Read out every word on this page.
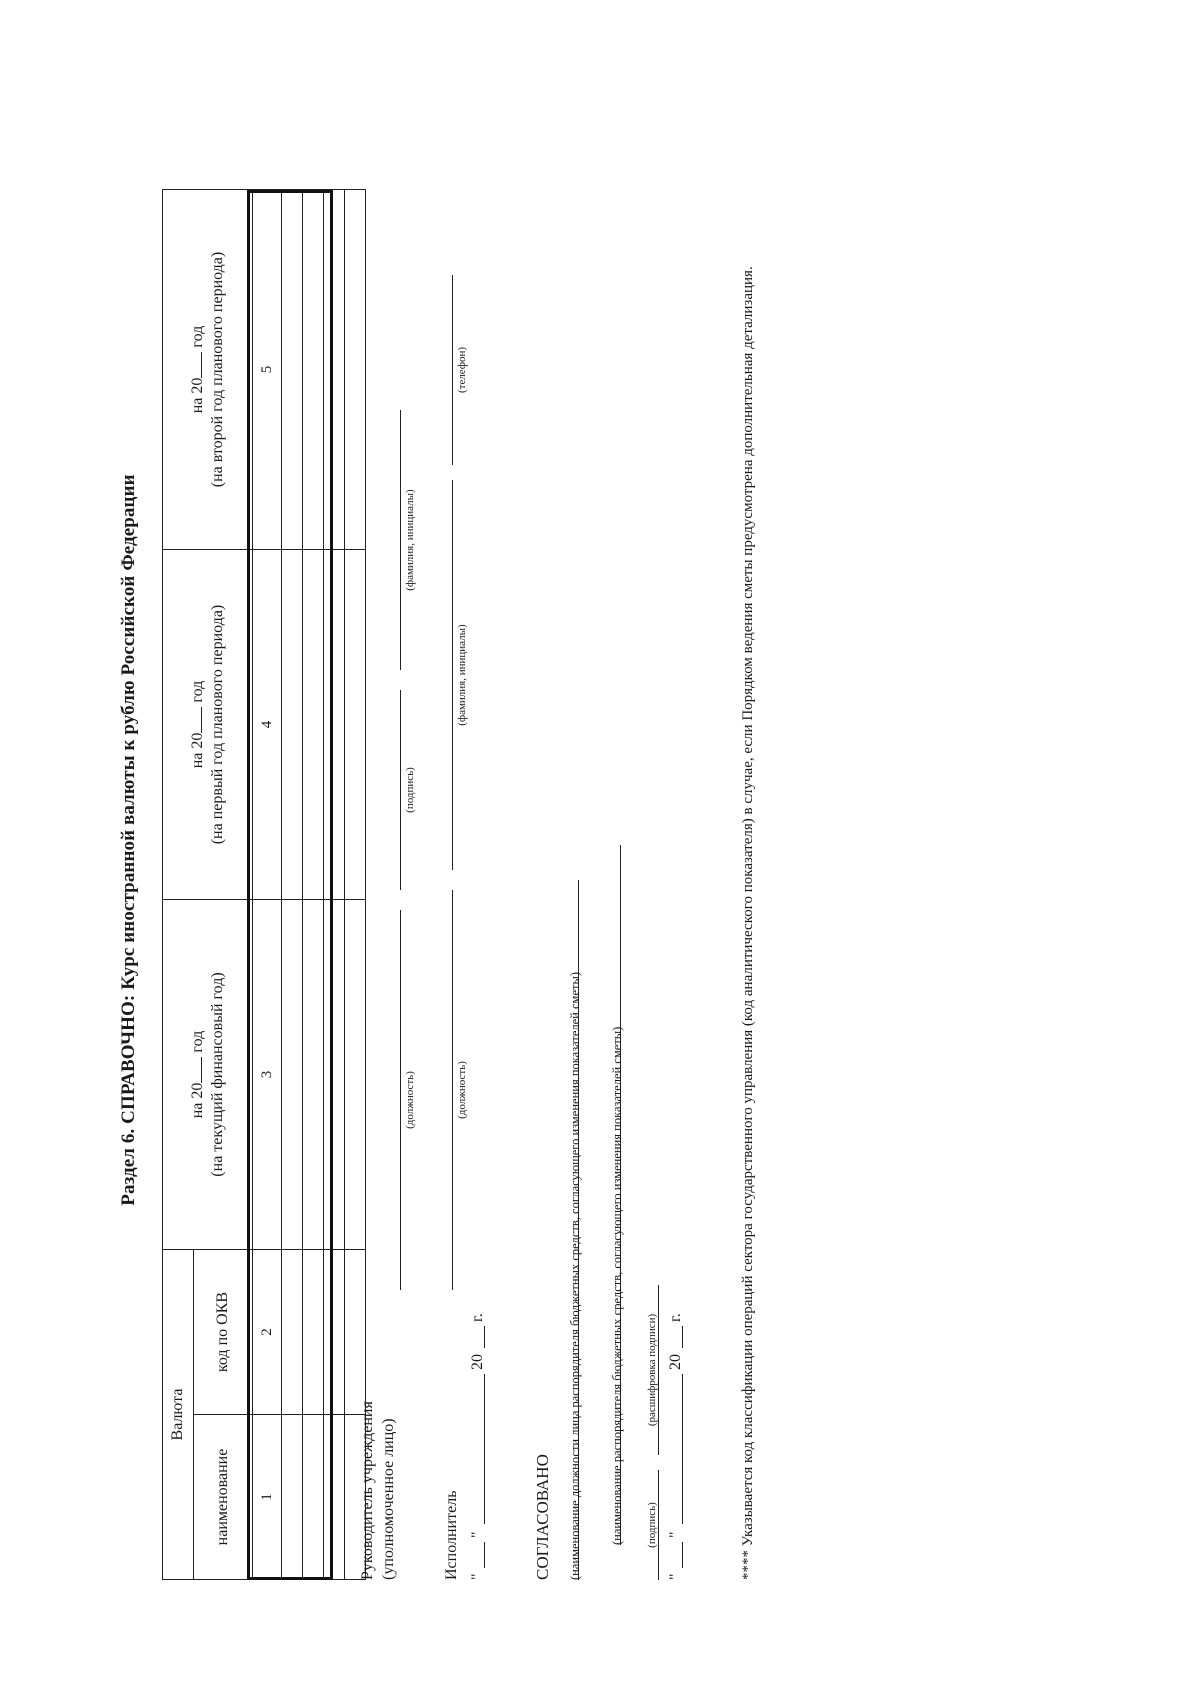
Раздел 6. СПРАВОЧНО: Курс иностранной валюты к рублю Российской Федерации
Валюта		на 20 год (на текущий финансовый год)	на 20 год (на первый год планового периода)	на 20 год (на второй год планового периода)
наименование	код по ОКВ			
1	2	3	4	5

Руководитель учреждения (уполномоченное лицо)
(должность)
(подпись)
(фамилия, инициалы)
Исполнитель
(должность)
(фамилия, инициалы)
(телефон)
"
"
20
г.
СОГЛАСОВАНО (наименование должности лица распорядителя бюджетных средств, согласующего изменения показателей сметы) (наименование распорядителя бюджетных средств, согласующего изменения показателей сметы) (подпись)
(расшифровка подписи)
"
"
20
г.	**** Указывается код классификации операций сектора государственного управления (код аналитического показателя) в случае, если Порядком ведения сметы предусмотрена дополнительная детализация.
